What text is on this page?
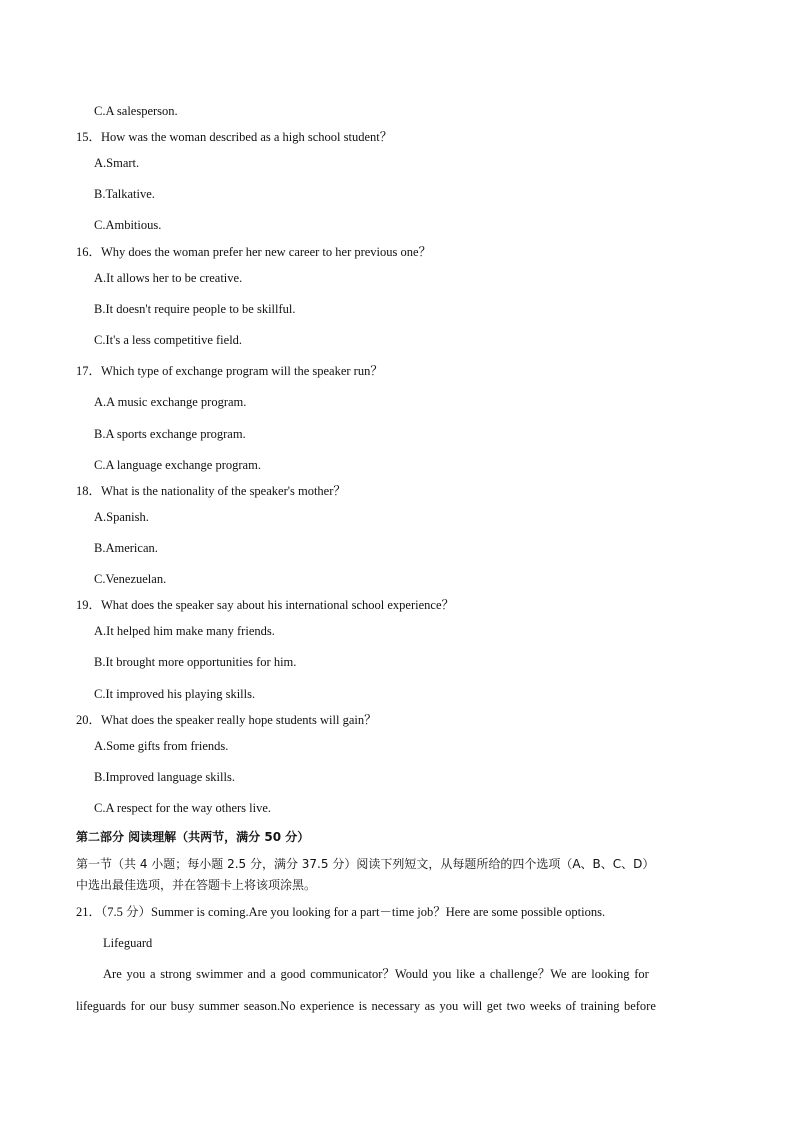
C.A salesperson.
15．How was the woman described as a high school student？
A.Smart.
B.Talkative.
C.Ambitious.
16．Why does the woman prefer her new career to her previous one？
A.It allows her to be creative.
B.It doesn't require people to be skillful.
C.It's a less competitive field.
17．Which type of exchange program will the speaker run？
A.A music exchange program.
B.A sports exchange program.
C.A language exchange program.
18．What is the nationality of the speaker's mother？
A.Spanish.
B.American.
C.Venezuelan.
19．What does the speaker say about his international school experience？
A.It helped him make many friends.
B.It brought more opportunities for him.
C.It improved his playing skills.
20．What does the speaker really hope students will gain？
A.Some gifts from friends.
B.Improved language skills.
C.A respect for the way others live.
第二部分 阅读理解（共两节，满分 50 分）
第一节（共 4 小题；每小题 2.5 分，满分 37.5 分）阅读下列短文，从每题所给的四个选项（A、B、C、D）
中选出最佳选项，并在答题卡上将该项涂黑。
21．（7.5 分）Summer is coming.Are you looking for a part－time job？Here are some possible options.
Lifeguard
Are you a strong swimmer and a good communicator？Would you like a challenge？We are looking for
lifeguards for our busy summer season.No experience is necessary as you will get two weeks of training before
